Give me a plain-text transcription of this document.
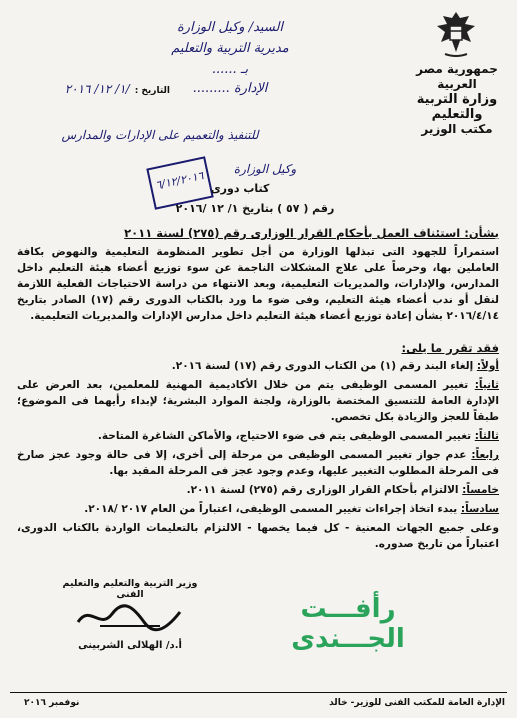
جمهورية مصر العربية

وزارة التربية والتعليم

مكتب الوزير

التاريخ : /١/ ١٢/ ٢٠١٦

السيد/ وكيل الوزارة

مديرية التربية والتعليم

بـ ......

الإدارة .........

للتنفيذ والتعميم على الإدارات والمدارس
وكيل الوزارة
٦/١٢/٢٠١٦ كتاب دورى
رقم ( ٥٧ ) بتاريخ ١/ ١٢ /٢٠١٦
بشأن: استئناف العمل بأحكام القرار الوزارى رقم (٢٧٥) لسنة ٢٠١١
استمراراً للجهود التى تبذلها الوزارة من أجل تطوير المنظومة التعليمية والنهوض بكافة العاملين بها، وحرصاً على علاج المشكلات الناجمة عن سوء توزيع أعضاء هيئة التعليم داخل المدارس، والإدارات، والمديريات التعليمية، وبعد الانتهاء من دراسة الاحتياجات الفعلية اللازمة لنقل أو ندب أعضاء هيئة التعليم، وفى ضوء ما ورد بالكتاب الدورى رقم (١٧) الصادر بتاريخ ٢٠١٦/٤/١٤ بشأن إعادة توزيع أعضاء هيئة التعليم داخل مدارس الإدارات والمديريات التعليمية.
فقد تقرر ما يلى:

أولاً: إلغاء البند رقم (١) من الكتاب الدورى رقم (١٧) لسنة ٢٠١٦.

ثانياً: تغيير المسمى الوظيفى يتم من خلال الأكاديمية المهنية للمعلمين، بعد العرض على الإدارة العامة للتنسيق المختصة بالوزارة، ولجنة الموارد البشرية؛ لإبداء رأيهما فى الموضوع؛ طبقاً للعجز والزيادة بكل تخصص.

ثالثاً: تغيير المسمى الوظيفى يتم فى ضوء الاحتياج، والأماكن الشاغرة المتاحة.

رابعاً: عدم جواز تغيير المسمى الوظيفى من مرحلة إلى أخرى، إلا فى حالة وجود عجز صارخ فى المرحلة المطلوب التغيير عليها، وعدم وجود عجز فى المرحلة المقيد بها.

خامساً: الالتزام بأحكام القرار الوزارى رقم (٢٧٥) لسنة ٢٠١١.

سادساً: يبدء اتخاذ إجراءات تغيير المسمى الوظيفى، اعتباراً من العام ٢٠١٧ /٢٠١٨.

وعلى جميع الجهات المعنية - كل فيما يخصها - الالتزام بالتعليمات الواردة بالكتاب الدورى، اعتباراً من تاريخ صدوره.

وزير التربية والتعليم والتعليم الفنى

أ.د/ الهلالى الشربينى

رأفـــت الجـــندى
الإدارة العامة للمكتب الفنى للوزير- خالد
نوفمبر ٢٠١٦
